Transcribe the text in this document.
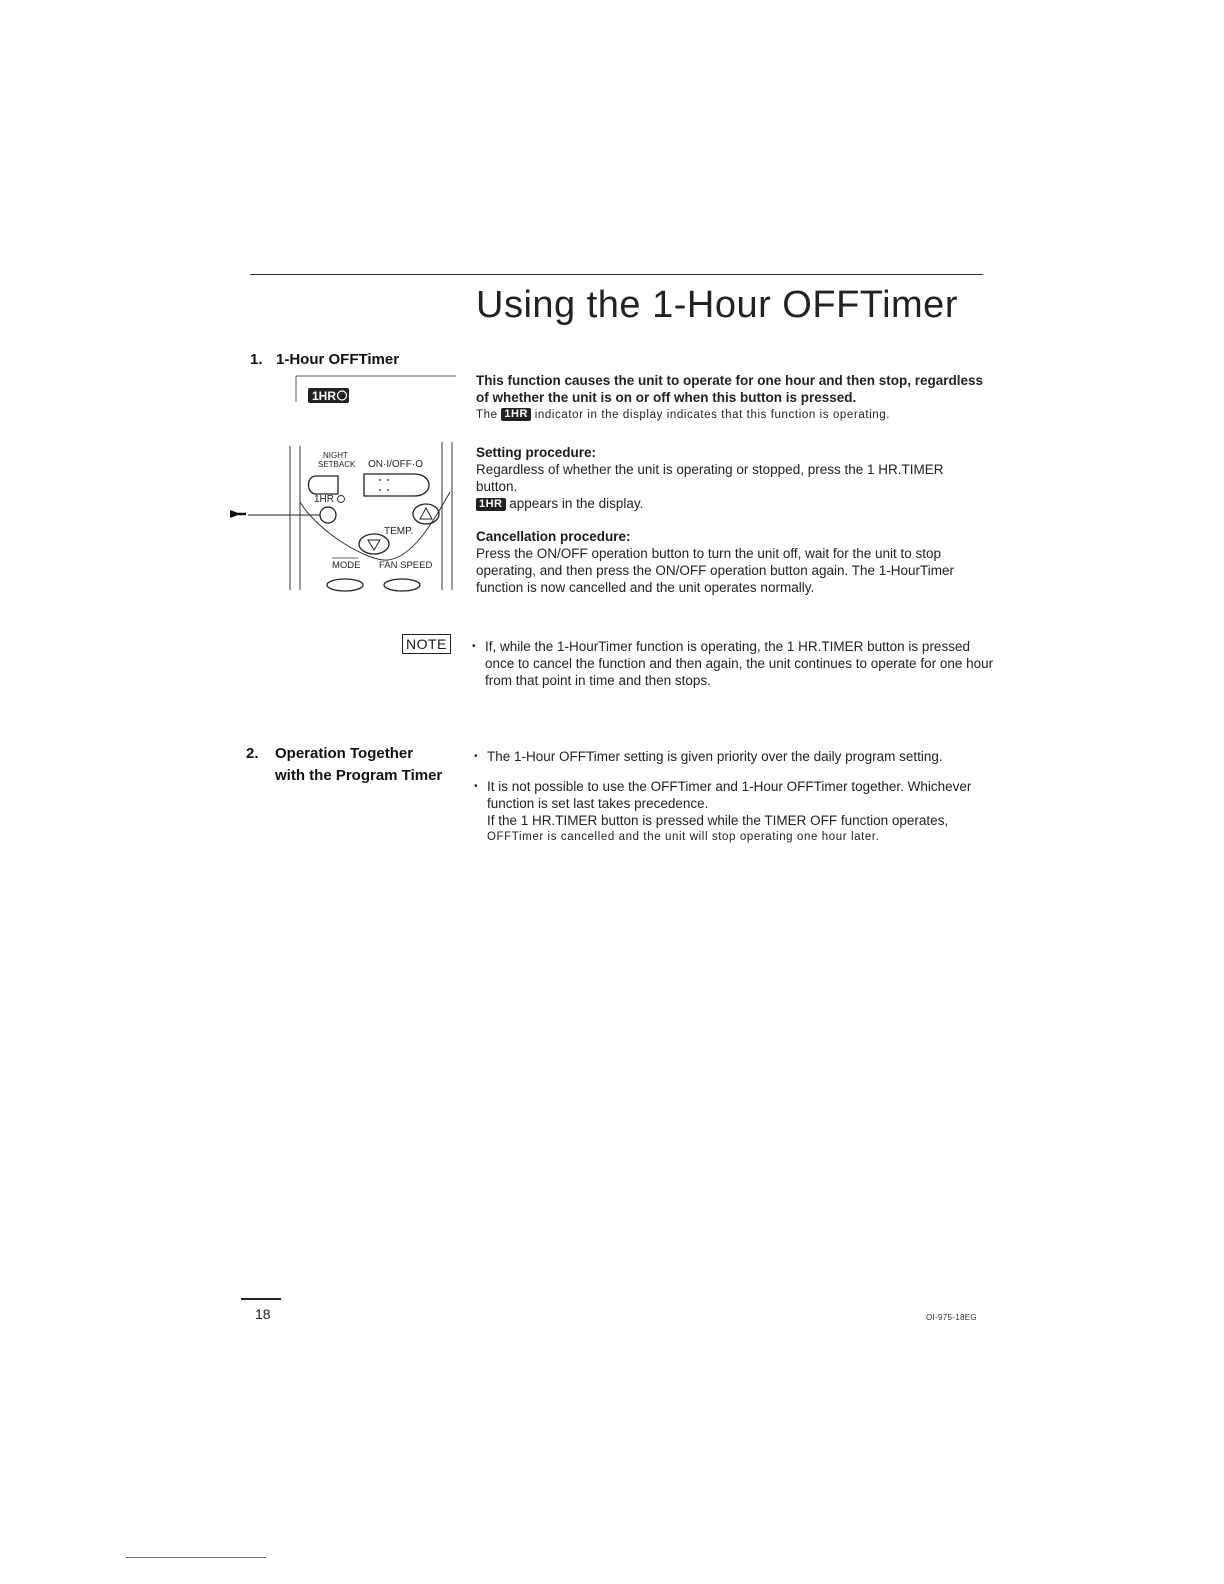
Using the 1-Hour OFFTimer
1. 1-Hour OFFTimer
1HR
NIGHT
SETBACK ON·I/OFF·O
1HR
TEMP.
MODE FAN SPEED
This function causes the unit to operate for one hour and then stop, regardless of whether the unit is on or off when this button is pressed.
The 1HR indicator in the display indicates that this function is operating.
Setting procedure:
Regardless of whether the unit is operating or stopped, press the 1 HR.TIMER button.
1HR appears in the display.
Cancellation procedure:
Press the ON/OFF operation button to turn the unit off, wait for the unit to stop operating, and then press the ON/OFF operation button again. The 1-HourTimer function is now cancelled and the unit operates normally.
NOTE
•	If, while the 1-HourTimer function is operating, the 1 HR.TIMER button is pressed once to cancel the function and then again, the unit continues to operate for one hour from that point in time and then stops.
2. Operation Together
with the Program Timer
• The 1-Hour OFFTimer setting is given priority over the daily program setting.
• It is not possible to use the OFFTimer and 1-Hour OFFTimer together. Whichever function is set last takes precedence.
If the 1 HR.TIMER button is pressed while the TIMER OFF function operates,
OFFTimer is cancelled and the unit will stop operating one hour later.
18	OI-975-18EG
